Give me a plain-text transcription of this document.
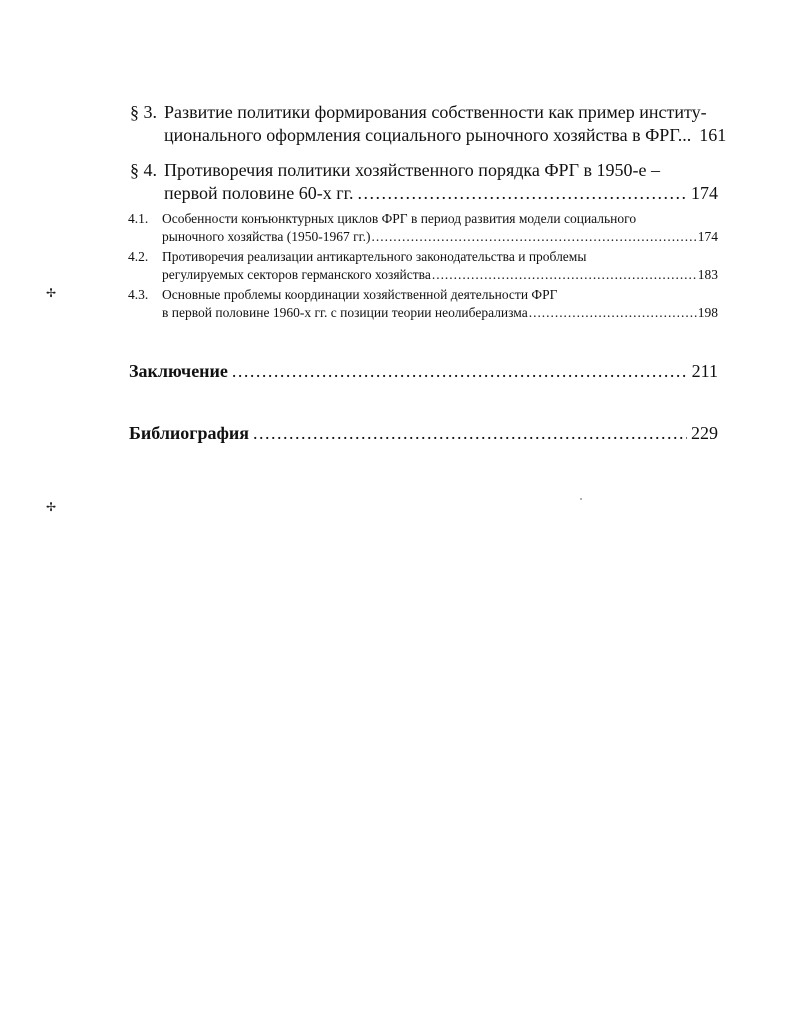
§ 3. Развитие политики формирования собственности как пример институ-
ционального оформления социального рыночного хозяйства в ФРГ... 161
§ 4. Противоречия политики хозяйственного порядка ФРГ в 1950-е –
первой половине 60-х гг. . . .	174
4.1. Особенности конъюнктурных циклов ФРГ в период развития модели социального
рыночного хозяйства (1950-1967 гг.) . . .	174
4.2. Противоречия реализации антикартельного законодательства и проблемы
регулируемых секторов германского хозяйства . . .	183
4.3. Основные проблемы координации хозяйственной деятельности ФРГ
в первой половине 1960-х гг. с позиции теории неолиберализма . . .	198
Заключение . . .	211
Библиография . . .	229
✢
✢
